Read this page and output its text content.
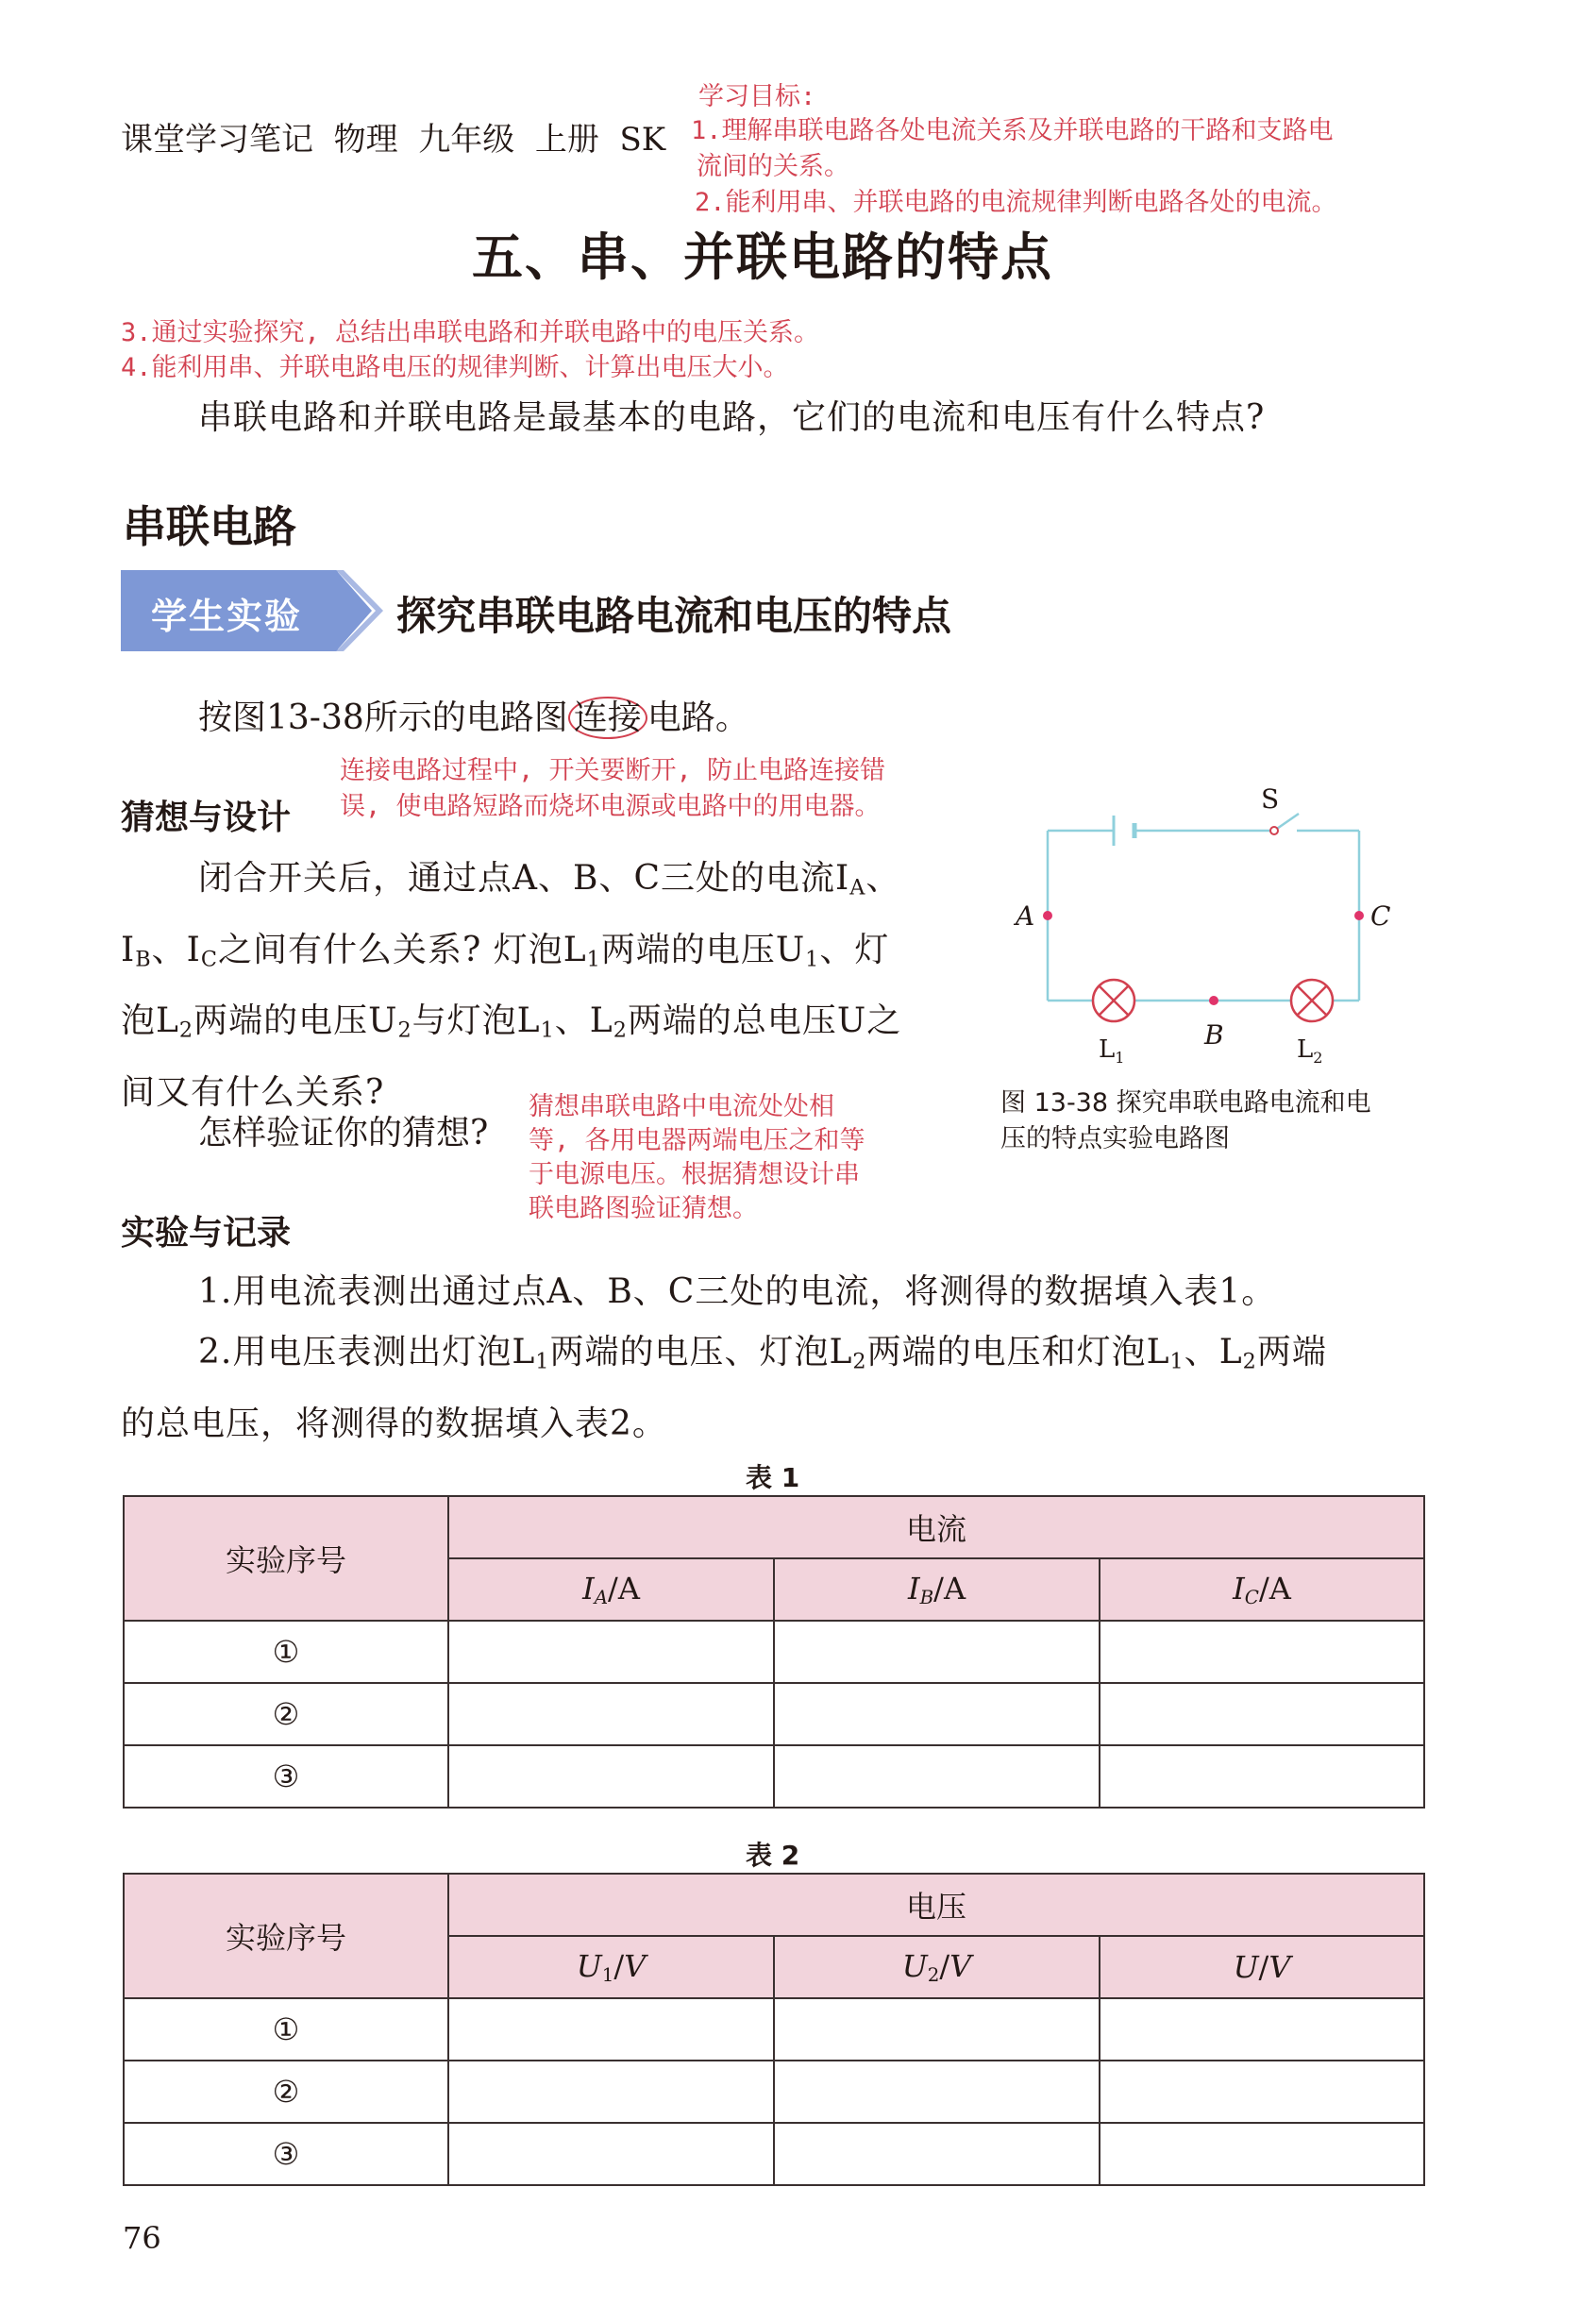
课堂学习笔记  物理  九年级  上册  SK
学习目标:
1.理解串联电路各处电流关系及并联电路的干路和支路电
流间的关系。
2.能利用串、并联电路的电流规律判断电路各处的电流。
五、串、并联电路的特点
3.通过实验探究, 总结出串联电路和并联电路中的电压关系。
4.能利用串、并联电路电压的规律判断、计算出电压大小。
串联电路和并联电路是最基本的电路，它们的电流和电压有什么特点?
串联电路
学生实验 探究串联电路电流和电压的特点
按图13-38所示的电路图 连接 电路。
连接电路过程中, 开关要断开, 防止电路连接错
误, 使电路短路而烧坏电源或电路中的用电器。
猜想与设计
闭合开关后，通过点A、B、C三处的电流$I_A$、
$I_B$、$I_C$之间有什么关系? 灯泡$L_1$两端的电压$U_1$、灯
泡$L_2$两端的电压$U_2$与灯泡$L_1$、$L_2$两端的总电压U之
间又有什么关系?
怎样验证你的猜想?
猜想串联电路中电流处处相
等, 各用电器两端电压之和等
于电源电压。根据猜想设计串
联电路图验证猜想。
S
A	C
B
$L_1$	$L_2$
图 13-38 探究串联电路电流和电
压的特点实验电路图
实验与记录
1.用电流表测出通过点A、B、C三处的电流，将测得的数据填入表1。
2.用电压表测出灯泡$L_1$两端的电压、灯泡$L_2$两端的电压和灯泡$L_1$、$L_2$两端
的总电压，将测得的数据填入表2。
表 1
实验序号	电流		
	$I_A/A$	$I_B/A$	$I_C/A$
①			
②			
③			
表 2
实验序号	电压		
	$U_1/V$	$U_2/V$	U/V
①			
②			
③			
76
